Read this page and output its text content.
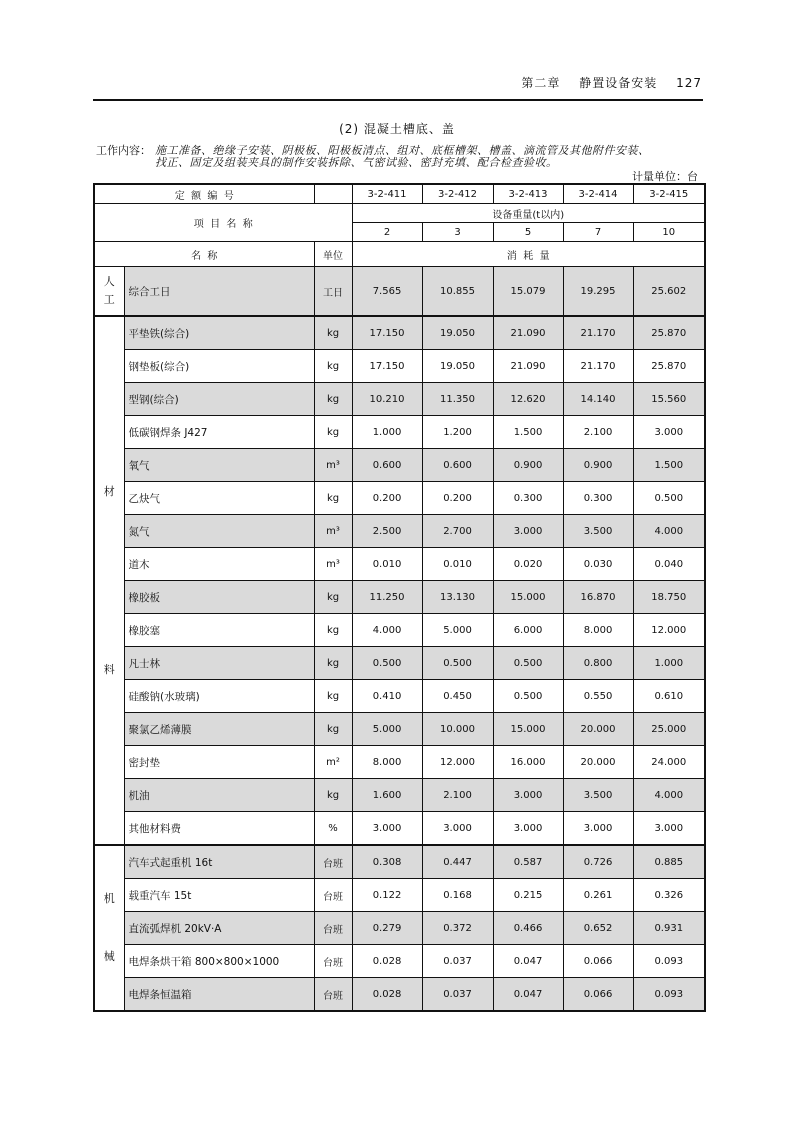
第二章 静置设备安装 127
(2) 混凝土槽底、盖
工作内容： 施工准备、绝缘子安装、阴极板、阳极板清点、组对、底框槽架、槽盖、滴流管及其他附件安装、找正、固定及组装夹具的制作安装拆除、气密试验、密封充填、配合检查验收。
计量单位：台
定  额  编  号			3-2-411	3-2-412	3-2-413	3-2-414	3-2-415
项  目  名  称			设备重量(t以内)				
			2	3	5	7	10
名  称		单位	消  耗  量				

人
工	综合工日	工日	7.565	10.855	15.079	19.295	25.602

材
料	平垫铁(综合)	kg	17.150	19.050	21.090	21.170	25.870
	钢垫板(综合)	kg	17.150	19.050	21.090	21.170	25.870
	型钢(综合)	kg	10.210	11.350	12.620	14.140	15.560
	低碳钢焊条 J427	kg	1.000	1.200	1.500	2.100	3.000
	氧气	m³	0.600	0.600	0.900	0.900	1.500
	乙炔气	kg	0.200	0.200	0.300	0.300	0.500
	氮气	m³	2.500	2.700	3.000	3.500	4.000
	道木	m³	0.010	0.010	0.020	0.030	0.040
	橡胶板	kg	11.250	13.130	15.000	16.870	18.750
	橡胶塞	kg	4.000	5.000	6.000	8.000	12.000
	凡士林	kg	0.500	0.500	0.500	0.800	1.000
	硅酸钠(水玻璃)	kg	0.410	0.450	0.500	0.550	0.610
	聚氯乙烯薄膜	kg	5.000	10.000	15.000	20.000	25.000
	密封垫	m²	8.000	12.000	16.000	20.000	24.000
	机油	kg	1.600	2.100	3.000	3.500	4.000
	其他材料费	%	3.000	3.000	3.000	3.000	3.000

机
械	汽车式起重机 16t	台班	0.308	0.447	0.587	0.726	0.885
	载重汽车 15t	台班	0.122	0.168	0.215	0.261	0.326
	直流弧焊机 20kV·A	台班	0.279	0.372	0.466	0.652	0.931
	电焊条烘干箱 800×800×1000	台班	0.028	0.037	0.047	0.066	0.093
	电焊条恒温箱	台班	0.028	0.037	0.047	0.066	0.093
